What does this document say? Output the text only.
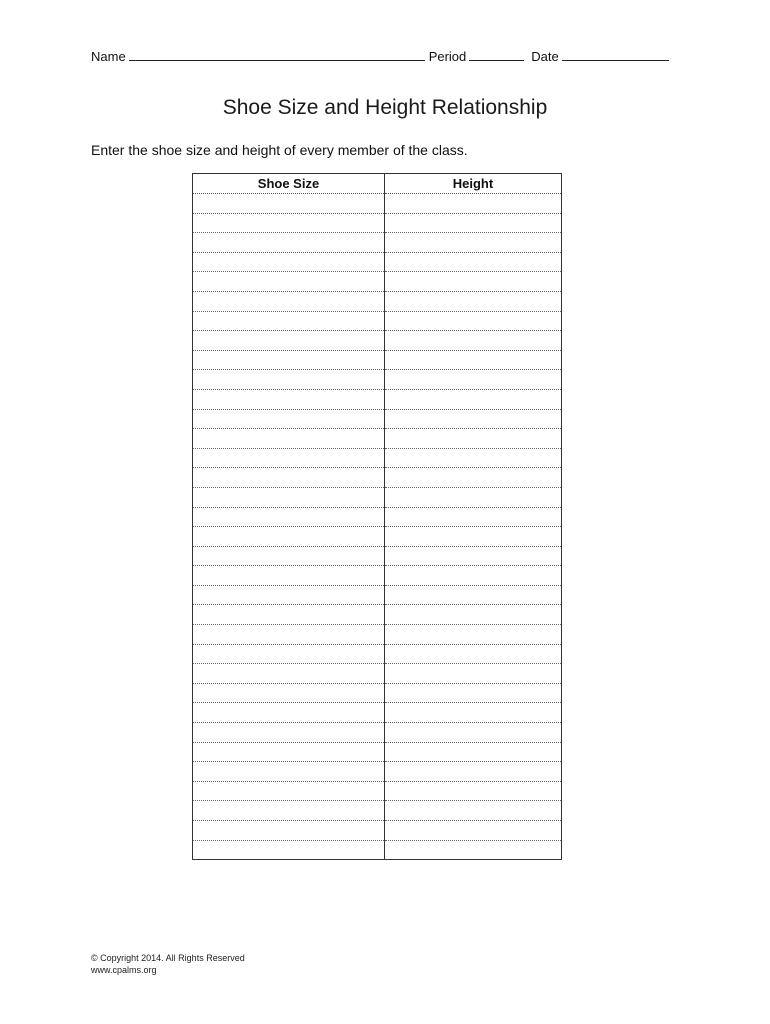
Name	Period	Date
Shoe Size and Height Relationship
Enter the shoe size and height of every member of the class.
Shoe Size	Height

© Copyright 2014. All Rights Reserved
www.cpalms.org
